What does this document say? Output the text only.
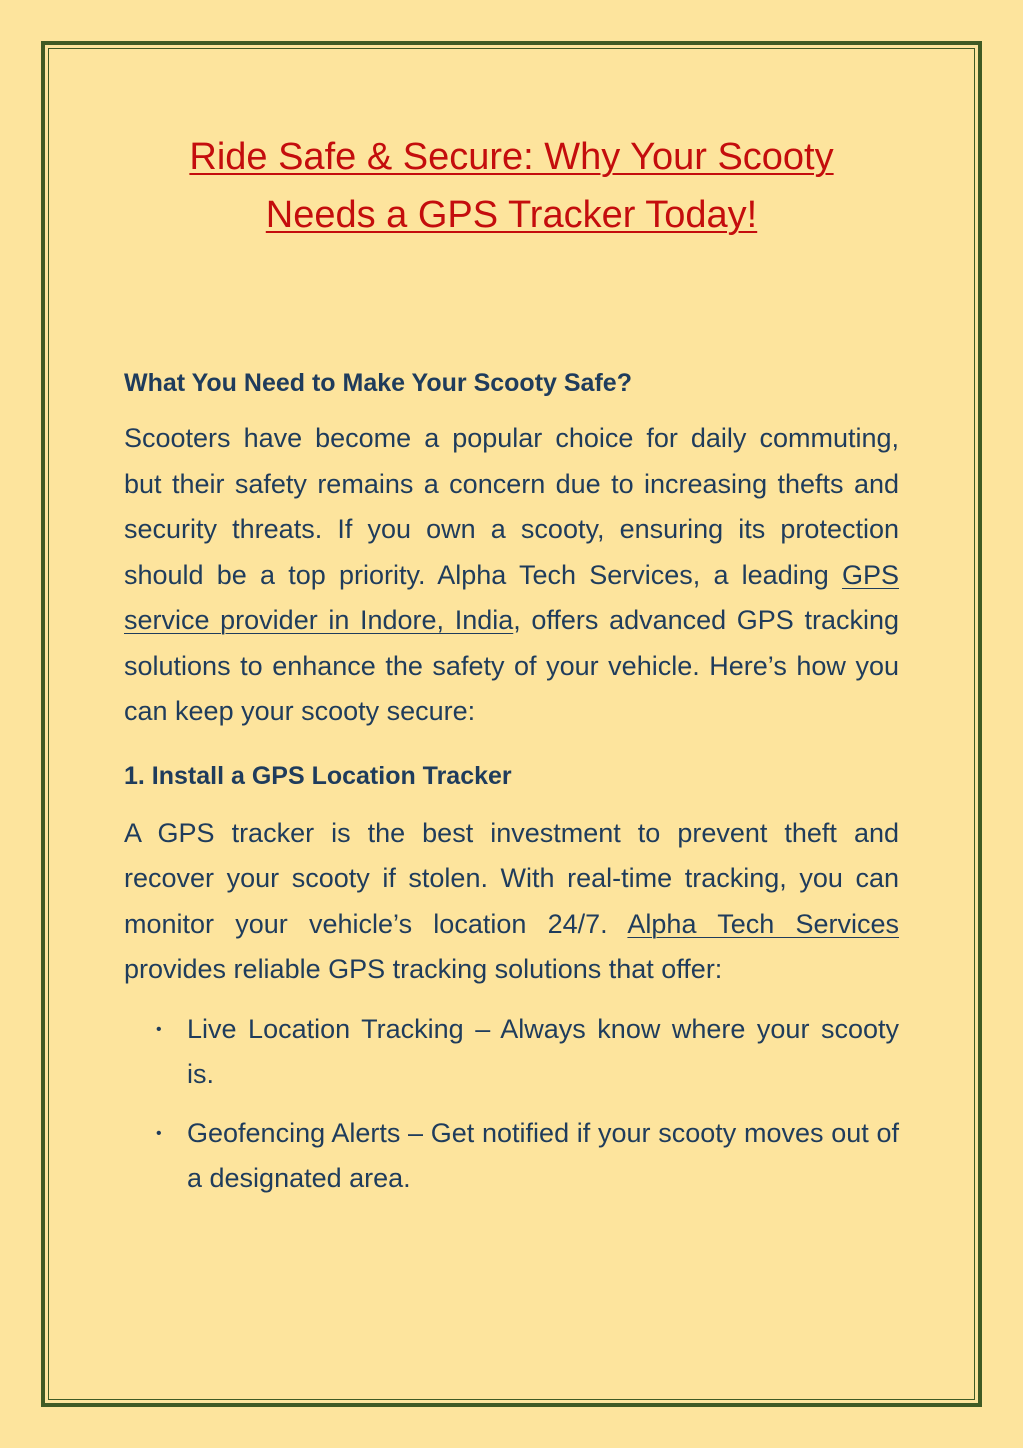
Ride Safe & Secure: Why Your Scooty
Needs a GPS Tracker Today!
What You Need to Make Your Scooty Safe?

Scooters have become a popular choice for daily commuting, but their safety remains a concern due to increasing thefts and security threats. If you own a scooty, ensuring its protection should be a top priority. Alpha Tech Services, a leading GPS service provider in Indore, India, offers advanced GPS tracking solutions to enhance the safety of your vehicle. Here’s how you can keep your scooty secure:

1. Install a GPS Location Tracker

A GPS tracker is the best investment to prevent theft and recover your scooty if stolen. With real-time tracking, you can monitor your vehicle’s location 24/7. Alpha Tech Services provides reliable GPS tracking solutions that offer:

• Live Location Tracking – Always know where your scooty is.
• Geofencing Alerts – Get notified if your scooty moves out of a designated area.
